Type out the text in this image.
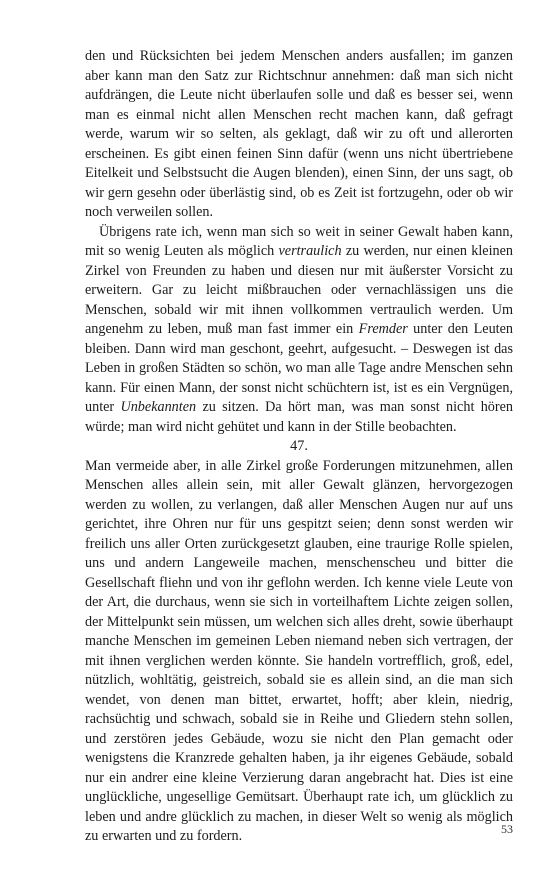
den und Rücksichten bei jedem Menschen anders ausfallen; im ganzen aber kann man den Satz zur Richtschnur annehmen: daß man sich nicht aufdrängen, die Leute nicht überlaufen solle und daß es besser sei, wenn man es einmal nicht allen Menschen recht machen kann, daß gefragt werde, warum wir so selten, als geklagt, daß wir zu oft und allerorten erscheinen. Es gibt einen feinen Sinn dafür (wenn uns nicht übertriebene Eitelkeit und Selbstsucht die Augen blenden), einen Sinn, der uns sagt, ob wir gern gesehn oder überlästig sind, ob es Zeit ist fortzugehn, oder ob wir noch verweilen sollen.

Übrigens rate ich, wenn man sich so weit in seiner Gewalt haben kann, mit so wenig Leuten als möglich vertraulich zu werden, nur einen kleinen Zirkel von Freunden zu haben und diesen nur mit äußerster Vorsicht zu erweitern. Gar zu leicht mißbrauchen oder vernachlässigen uns die Menschen, sobald wir mit ihnen vollkommen vertraulich werden. Um angenehm zu leben, muß man fast immer ein Fremder unter den Leuten bleiben. Dann wird man geschont, geehrt, aufgesucht. – Deswegen ist das Leben in großen Städten so schön, wo man alle Tage andre Menschen sehn kann. Für einen Mann, der sonst nicht schüchtern ist, ist es ein Vergnügen, unter Unbekannten zu sitzen. Da hört man, was man sonst nicht hören würde; man wird nicht gehütet und kann in der Stille beobachten.

47.

Man vermeide aber, in alle Zirkel große Forderungen mitzunehmen, allen Menschen alles allein sein, mit aller Gewalt glänzen, hervorgezogen werden zu wollen, zu verlangen, daß aller Menschen Augen nur auf uns gerichtet, ihre Ohren nur für uns gespitzt seien; denn sonst werden wir freilich uns aller Orten zurückgesetzt glauben, eine traurige Rolle spielen, uns und andern Langeweile machen, menschenscheu und bitter die Gesellschaft fliehn und von ihr geflohn werden. Ich kenne viele Leute von der Art, die durchaus, wenn sie sich in vorteilhaftem Lichte zeigen sollen, der Mittelpunkt sein müssen, um welchen sich alles dreht, sowie überhaupt manche Menschen im gemeinen Leben niemand neben sich vertragen, der mit ihnen verglichen werden könnte. Sie handeln vortrefflich, groß, edel, nützlich, wohltätig, geistreich, sobald sie es allein sind, an die man sich wendet, von denen man bittet, erwartet, hofft; aber klein, niedrig, rachsüchtig und schwach, sobald sie in Reihe und Gliedern stehn sollen, und zerstören jedes Gebäude, wozu sie nicht den Plan gemacht oder wenigstens die Kranzrede gehalten haben, ja ihr eigenes Gebäude, sobald nur ein andrer eine kleine Verzierung daran angebracht hat. Dies ist eine unglückliche, ungesellige Gemütsart. Überhaupt rate ich, um glücklich zu leben und andre glücklich zu machen, in dieser Welt so wenig als möglich zu erwarten und zu fordern.	53
